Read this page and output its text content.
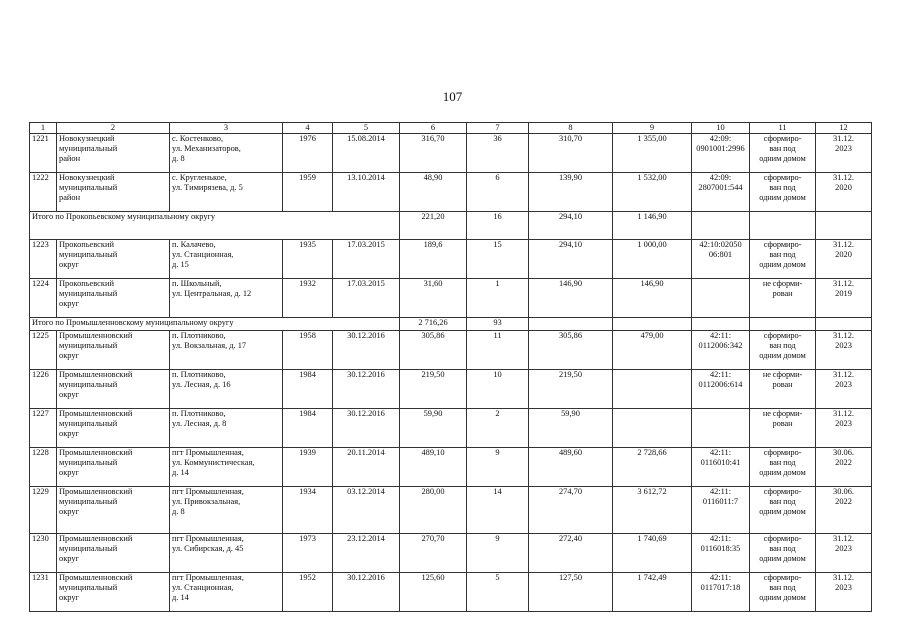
107
1	2	3	4	5	6	7	8	9	10	11	12
1221	Новокузнецкий
муниципальный
район	с. Костенково,
ул. Механизаторов,
д. 8	1976	15.08.2014	316,70	36	310,70	1 355,00	42:09:
0901001:2996	сформиро-
ван под
одним домом	31.12.
2023
1222	Новокузнецкий
муниципальный
район	с. Кругленькое,
ул. Тимирязева, д. 5	1959	13.10.2014	48,90	6	139,90	1 532,00	42:09:
2807001:544	сформиро-
ван под
одним домом	31.12.
2020
Итого по Прокопьевскому муниципальному округу					221,20	16	294,10	1 146,90			
1223	Прокопьевский
муниципальный
округ	п. Калачево,
ул. Станционная,
д. 15	1935	17.03.2015	189,6	15	294,10	1 000,00	42:10:02050
06:801	сформиро-
ван под
одним домом	31.12.
2020
1224	Прокопьевский
муниципальный
округ	п. Школьный,
ул. Центральная, д. 12	1932	17.03.2015	31,60	1	146,90	146,90		не сформи-
рован	31.12.
2019
Итого по Промышленновскому муниципальному округу					2 716,26	93					
1225	Промышленновский
муниципальный
округ	п. Плотниково,
ул. Вокзальная, д. 17	1958	30.12.2016	305,86	11	305,86	479,00	42:11:
0112006:342	сформиро-
ван под
одним домом	31.12.
2023
1226	Промышленновский
муниципальный
округ	п. Плотниково,
ул. Лесная, д. 16	1984	30.12.2016	219,50	10	219,50		42:11:
0112006:614	не сформи-
рован	31.12.
2023
1227	Промышленновский
муниципальный
округ	п. Плотниково,
ул. Лесная, д. 8	1984	30.12.2016	59,90	2	59,90			не сформи-
рован	31.12.
2023
1228	Промышленновский
муниципальный
округ	пгт Промышленная,
ул. Коммунистическая,
д. 14	1939	20.11.2014	489,10	9	489,60	2 728,66	42:11:
0116010:41	сформиро-
ван под
одним домом	30.06.
2022
1229	Промышленновский
муниципальный
округ	пгт Промышленная,
ул. Привокзальная,
д. 8	1934	03.12.2014	280,00	14	274,70	3 612,72	42:11:
0116011:7	сформиро-
ван под
одним домом	30.06.
2022
1230	Промышленновский
муниципальный
округ	пгт Промышленная,
ул. Сибирская, д. 45	1973	23.12.2014	270,70	9	272,40	1 740,69	42:11:
0116018:35	сформиро-
ван под
одним домом	31.12.
2023
1231	Промышленновский
муниципальный
округ	пгт Промышленная,
ул. Станционная,
д. 14	1952	30.12.2016	125,60	5	127,50	1 742,49	42:11:
0117017:18	сформиро-
ван под
одним домом	31.12.
2023
